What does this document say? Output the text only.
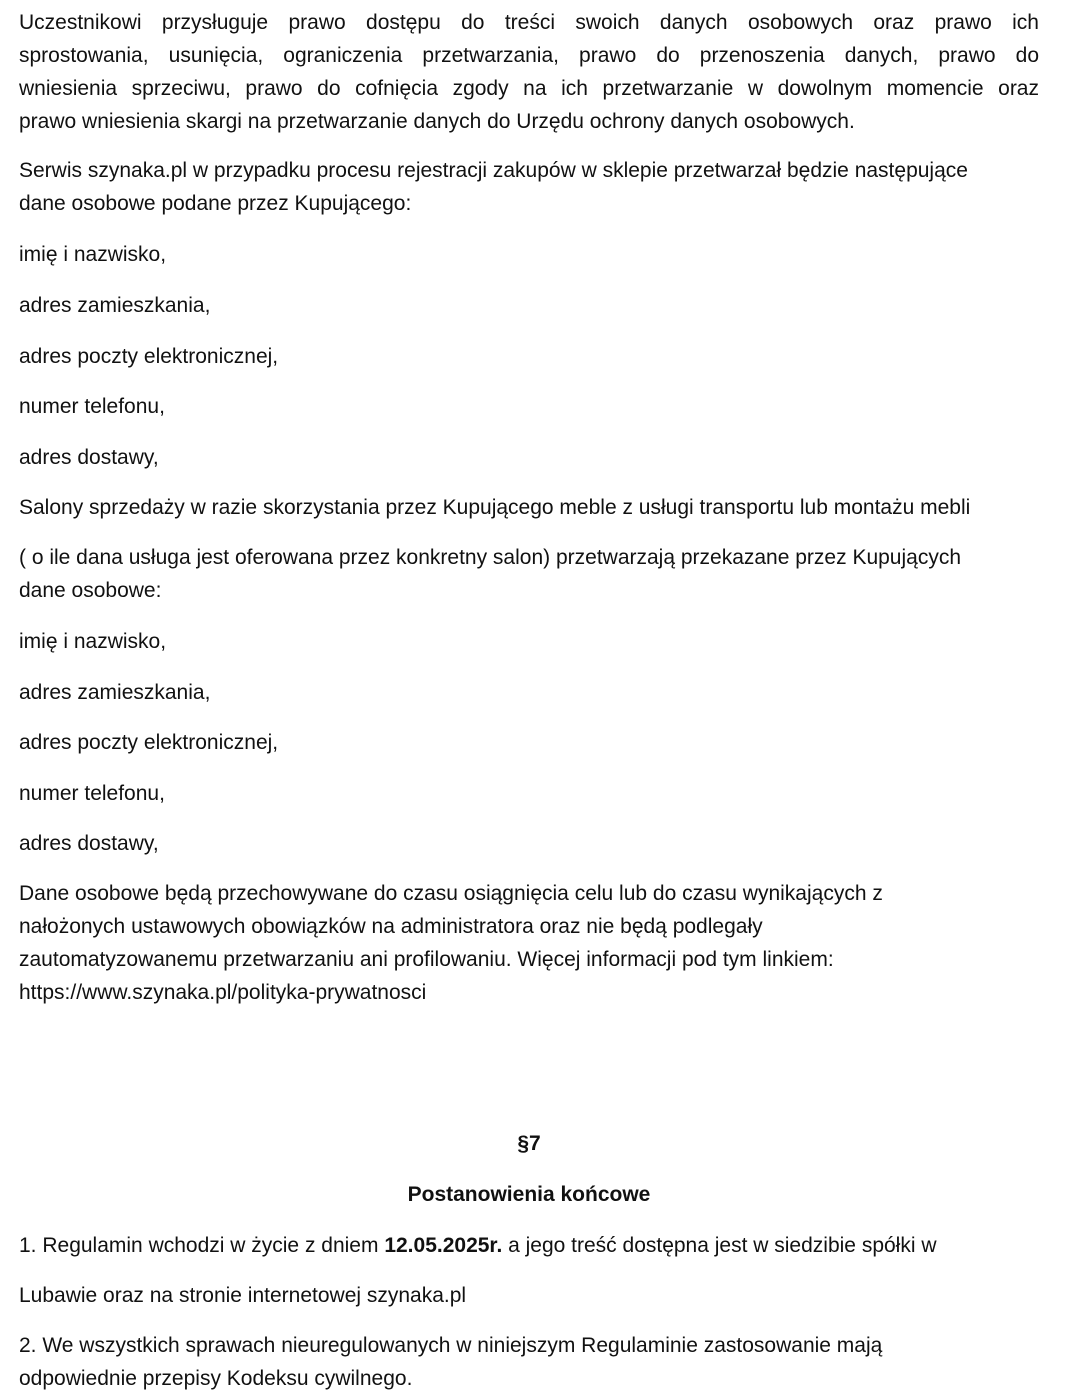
Uczestnikowi przysługuje prawo dostępu do treści swoich danych osobowych oraz prawo ich
sprostowania, usunięcia, ograniczenia przetwarzania, prawo do przenoszenia danych, prawo do
wniesienia sprzeciwu, prawo do cofnięcia zgody na ich przetwarzanie w dowolnym momencie oraz
prawo wniesienia skargi na przetwarzanie danych do Urzędu ochrony danych osobowych.
Serwis szynaka.pl w przypadku procesu rejestracji zakupów w sklepie przetwarzał będzie następujące
dane osobowe podane przez Kupującego:
imię i nazwisko,
adres zamieszkania,
adres poczty elektronicznej,
numer telefonu,
adres dostawy,
Salony sprzedaży w razie skorzystania przez Kupującego meble z usługi transportu lub montażu mebli
( o ile dana usługa jest oferowana przez konkretny salon) przetwarzają przekazane przez Kupujących
dane osobowe:
imię i nazwisko,
adres zamieszkania,
adres poczty elektronicznej,
numer telefonu,
adres dostawy,
Dane osobowe będą przechowywane do czasu osiągnięcia celu lub do czasu wynikających z
nałożonych ustawowych obowiązków na administratora oraz nie będą podlegały
zautomatyzowanemu przetwarzaniu ani profilowaniu. Więcej informacji pod tym linkiem:
https://www.szynaka.pl/polityka-prywatnosci
§7
Postanowienia końcowe
1. Regulamin wchodzi w życie z dniem 12.05.2025r. a jego treść dostępna jest w siedzibie spółki w
Lubawie oraz na stronie internetowej szynaka.pl
2. We wszystkich sprawach nieuregulowanych w niniejszym Regulaminie zastosowanie mają
odpowiednie przepisy Kodeksu cywilnego.
